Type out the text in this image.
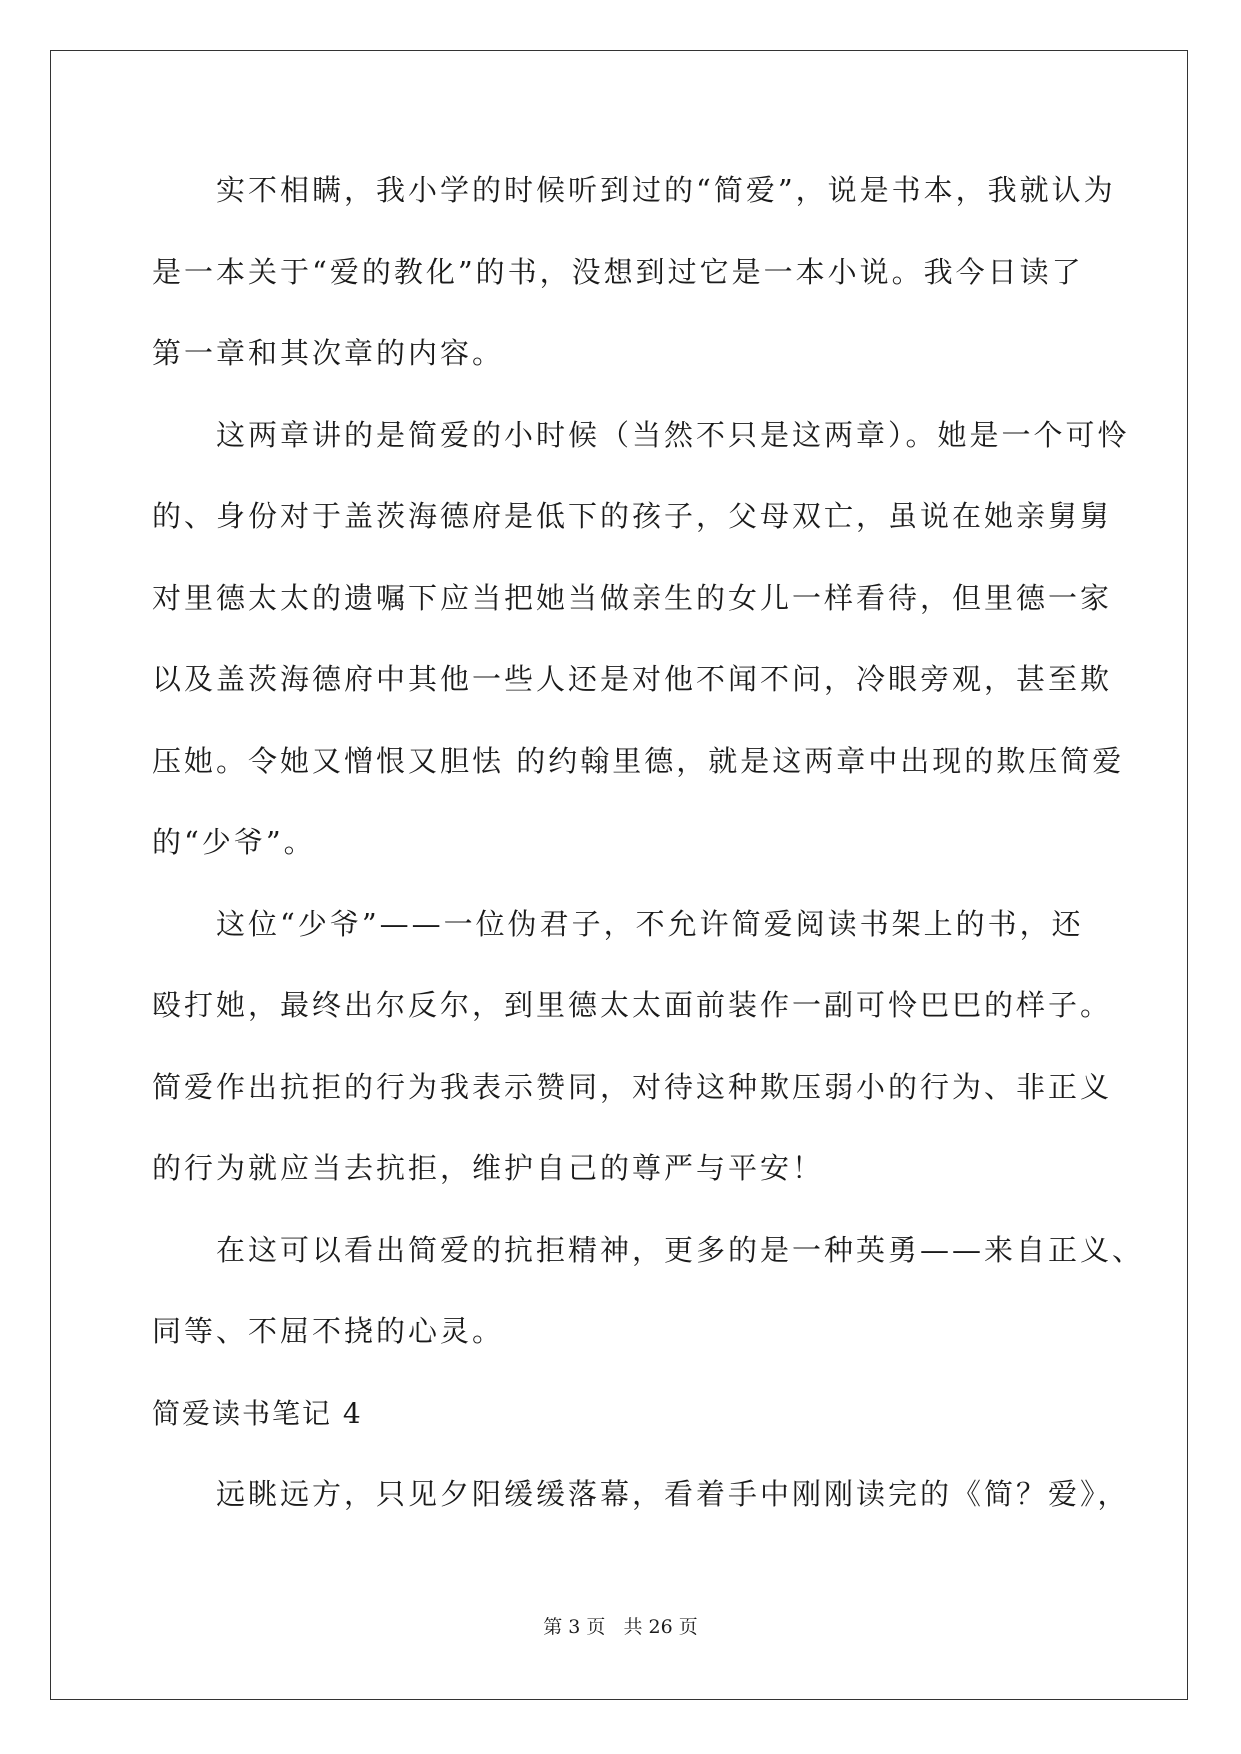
实不相瞒，我小学的时候听到过的“简爱”，说是书本，我就认为
是一本关于“爱的教化”的书，没想到过它是一本小说。我今日读了
第一章和其次章的内容。
这两章讲的是简爱的小时候（当然不只是这两章）。她是一个可怜
的、身份对于盖茨海德府是低下的孩子，父母双亡，虽说在她亲舅舅
对里德太太的遗嘱下应当把她当做亲生的女儿一样看待，但里德一家
以及盖茨海德府中其他一些人还是对他不闻不问，冷眼旁观，甚至欺
压她。令她又憎恨又胆怯 的约翰里德，就是这两章中出现的欺压简爱
的“少爷”。
这位“少爷”——一位伪君子，不允许简爱阅读书架上的书，还
殴打她，最终出尔反尔，到里德太太面前装作一副可怜巴巴的样子。
简爱作出抗拒的行为我表示赞同，对待这种欺压弱小的行为、非正义
的行为就应当去抗拒，维护自己的尊严与平安！
在这可以看出简爱的抗拒精神，更多的是一种英勇——来自正义、
同等、不屈不挠的心灵。
简爱读书笔记 4
远眺远方，只见夕阳缓缓落幕，看着手中刚刚读完的《简？爱》，
第 3 页 共 26 页
